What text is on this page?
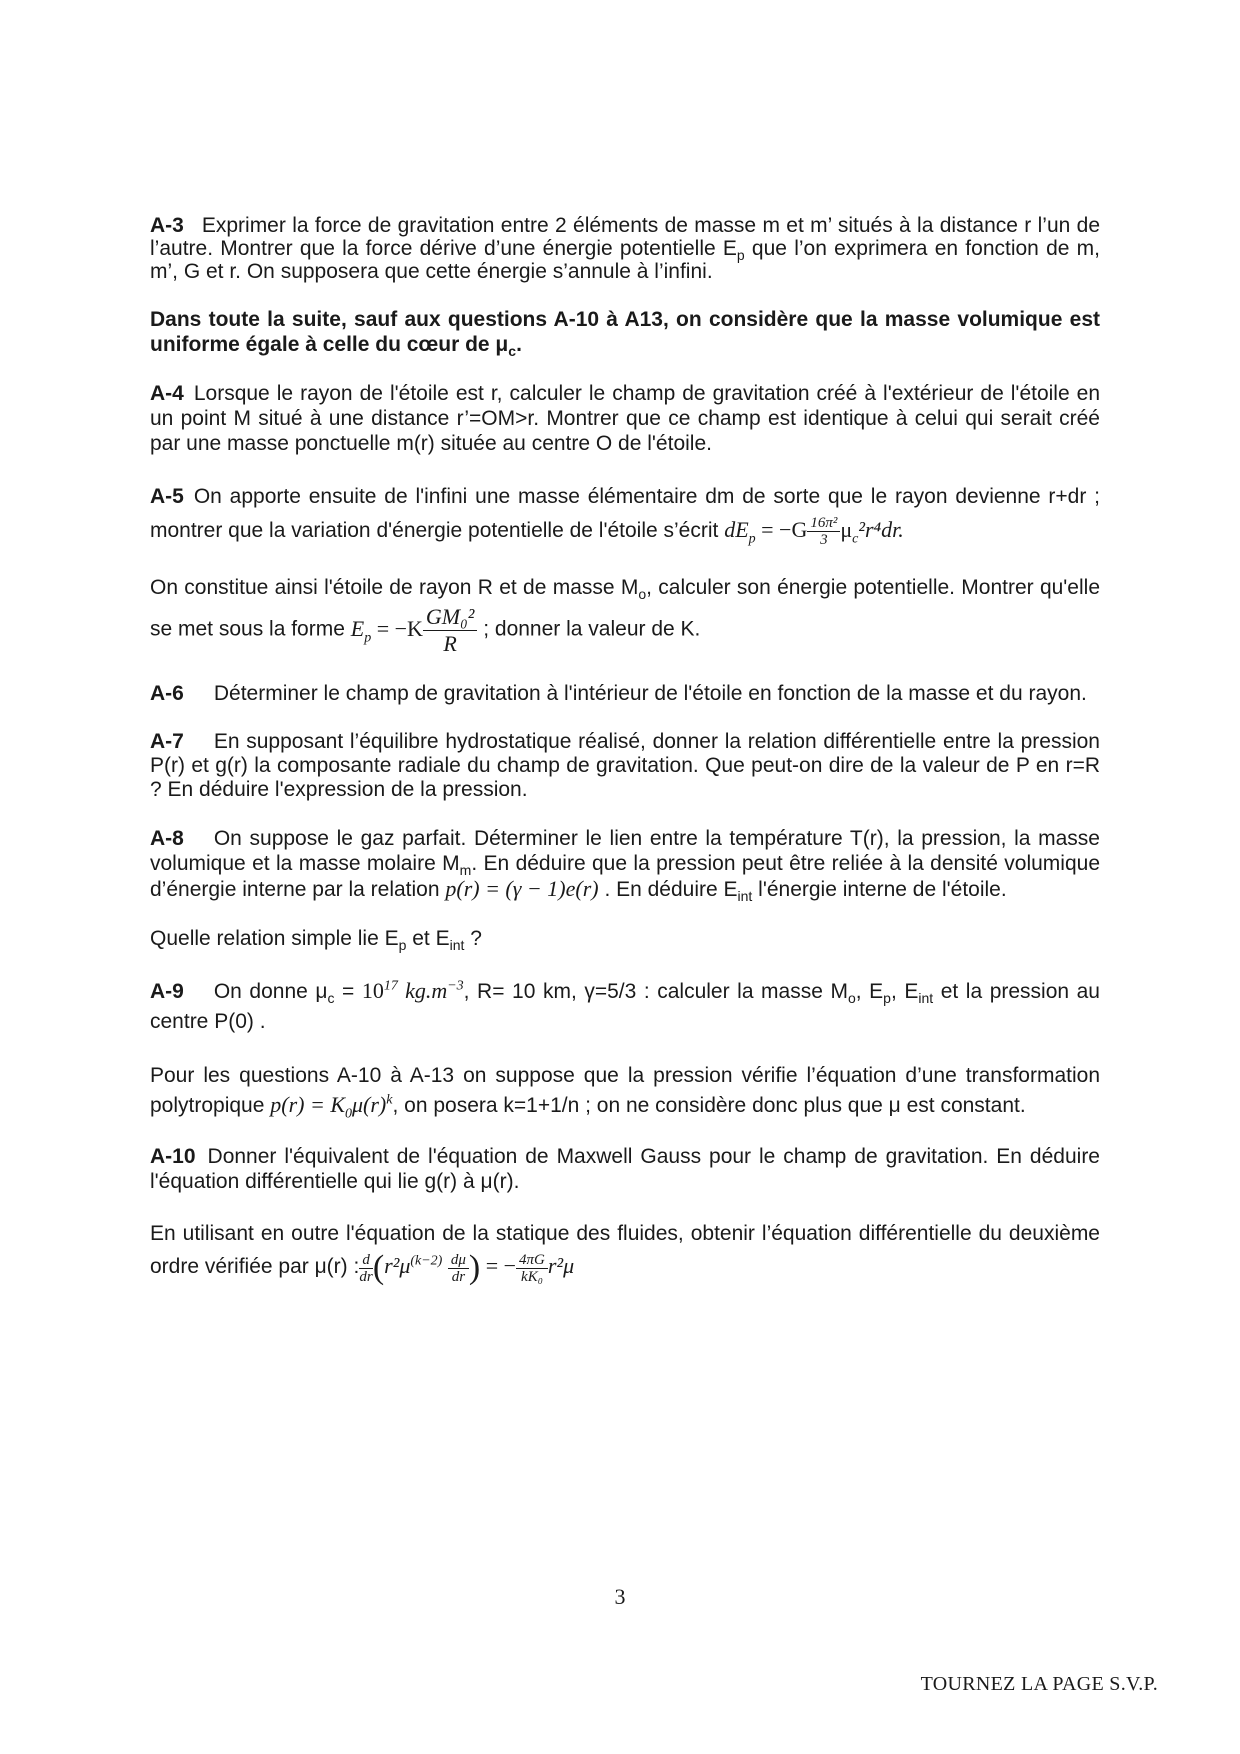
A-3 Exprimer la force de gravitation entre 2 éléments de masse m et m’ situés à la distance r l’un de l’autre. Montrer que la force dérive d’une énergie potentielle $E_p$ que l’on exprimera en fonction de m, m’, G et r. On supposera que cette énergie s’annule à l’infini.

Dans toute la suite, sauf aux questions A-10 à A13, on considère que la masse volumique est uniforme égale à celle du cœur de $\mu_c$.

A-4 Lorsque le rayon de l'étoile est r, calculer le champ de gravitation créé à l'extérieur de l'étoile en un point M situé à une distance r’=OM>r. Montrer que ce champ est identique à celui qui serait créé par une masse ponctuelle m(r) située au centre O de l'étoile.

A-5 On apporte ensuite de l'infini une masse élémentaire dm de sorte que le rayon devienne r+dr ; montrer que la variation d'énergie potentielle de l'étoile s’écrit $dE_p = -G \frac{\text{16π²}}{3} \mu_c^2r^4dr$.

On constitue ainsi l'étoile de rayon R et de masse $M_o$, calculer son énergie potentielle. Montrer qu'elle se met sous la forme $E_p = -K \frac{\text{GM₀²}}{R}$ ; donner la valeur de K.

A-6 Déterminer le champ de gravitation à l'intérieur de l'étoile en fonction de la masse et du rayon.

A-7 En supposant l’équilibre hydrostatique réalisé, donner la relation différentielle entre la pression P(r) et g(r) la composante radiale du champ de gravitation. Que peut-on dire de la valeur de P en r=R ? En déduire l'expression de la pression.

A-8 On suppose le gaz parfait. Déterminer le lien entre la température T(r), la pression, la masse volumique et la masse molaire $M_m$. En déduire que la pression peut être reliée à la densité volumique d’énergie interne par la relation p(r) = (γ − 1)e(r) . En déduire $E_{int}$ l'énergie interne de l'étoile.

Quelle relation simple lie $E_p$ et $E_{int}$ ?

A-9 On donne $\mu_c = 10^{17}$ $kg.m^{-3}$, R= 10 km, γ=5/3 : calculer la masse $M_o$, $E_p$, $E_{int}$ et la pression au centre P(0) .

Pour les questions A-10 à A-13 on suppose que la pression vérifie l’équation d’une transformation polytropique $p(r) = K_0\mu(r)^k$, on posera k=1+1/n ; on ne considère donc plus que μ est constant.

A-10 Donner l'équivalent de l'équation de Maxwell Gauss pour le champ de gravitation. En déduire l'équation différentielle qui lie g(r) à μ(r).

En utilisant en outre l'équation de la statique des fluides, obtenir l’équation différentielle du deuxième ordre vérifiée par μ(r) : $\frac{d}{dr} (r^2\mu^{(k-2)} \frac{d\mu}{dr}$ ) = − $\frac{4\pi G}{\text{kK₀}} r^2\mu$

3
TOURNEZ LA PAGE S.V.P.
